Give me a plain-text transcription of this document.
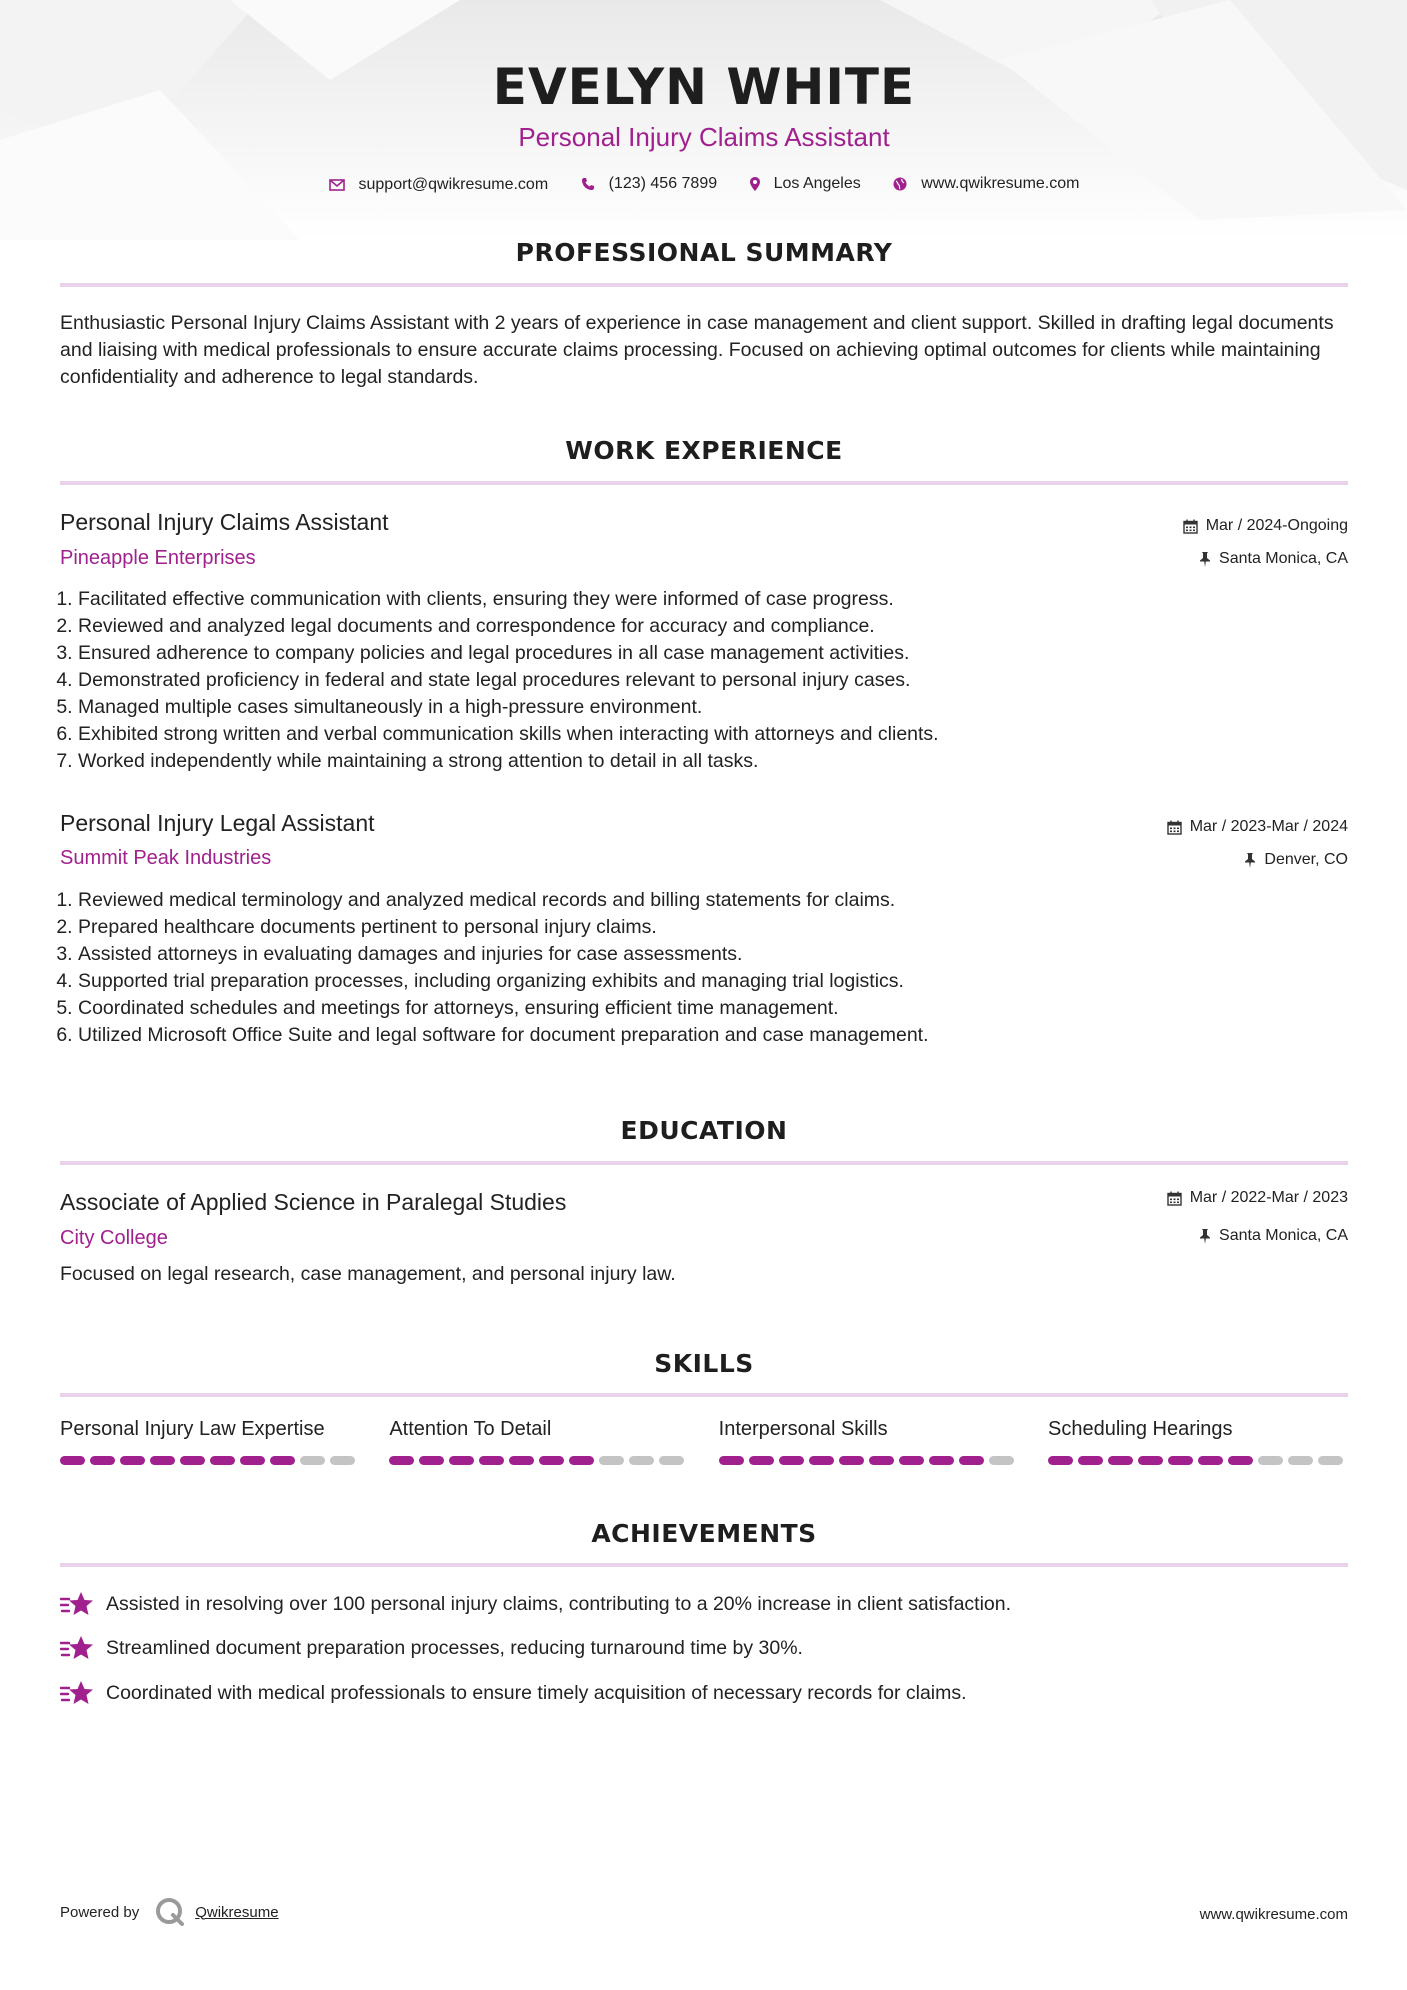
EVELYN WHITE
Personal Injury Claims Assistant
support@qwikresume.com
	(123) 456 7899
	Los Angeles
	www.qwikresume.com
PROFESSIONAL SUMMARY
Enthusiastic Personal Injury Claims Assistant with 2 years of experience in case management and client support. Skilled in drafting legal documents and liaising with medical professionals to ensure accurate claims processing. Focused on achieving optimal outcomes for clients while maintaining confidentiality and adherence to legal standards.
WORK EXPERIENCE
Personal Injury Claims Assistant
Pineapple Enterprises
Mar / 2024-Ongoing
Santa Monica, CA
1. Facilitated effective communication with clients, ensuring they were informed of case progress.
2. Reviewed and analyzed legal documents and correspondence for accuracy and compliance.
3. Ensured adherence to company policies and legal procedures in all case management activities.
4. Demonstrated proficiency in federal and state legal procedures relevant to personal injury cases.
5. Managed multiple cases simultaneously in a high-pressure environment.
6. Exhibited strong written and verbal communication skills when interacting with attorneys and clients.
7. Worked independently while maintaining a strong attention to detail in all tasks.
Personal Injury Legal Assistant
Summit Peak Industries
Mar / 2023-Mar / 2024
Denver, CO
1. Reviewed medical terminology and analyzed medical records and billing statements for claims.
2. Prepared healthcare documents pertinent to personal injury claims.
3. Assisted attorneys in evaluating damages and injuries for case assessments.
4. Supported trial preparation processes, including organizing exhibits and managing trial logistics.
5. Coordinated schedules and meetings for attorneys, ensuring efficient time management.
6. Utilized Microsoft Office Suite and legal software for document preparation and case management.
EDUCATION
Associate of Applied Science in Paralegal Studies
City College
Mar / 2022-Mar / 2023
Santa Monica, CA
Focused on legal research, case management, and personal injury law.
SKILLS
Personal Injury Law Expertise	Attention To Detail	Interpersonal Skills	Scheduling Hearings
ACHIEVEMENTS
Assisted in resolving over 100 personal injury claims, contributing to a 20% increase in client satisfaction.
Streamlined document preparation processes, reducing turnaround time by 30%.
Coordinated with medical professionals to ensure timely acquisition of necessary records for claims.
Powered by	Qwikresume	www.qwikresume.com
